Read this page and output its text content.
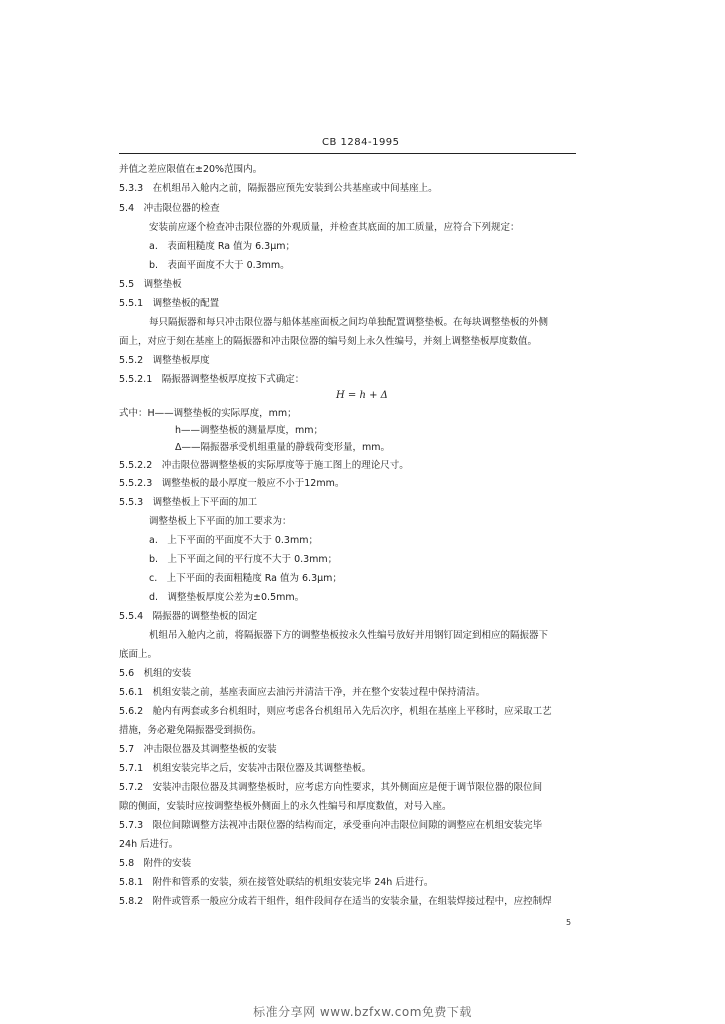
CB 1284-1995
并值之差应限值在±20%范围内。
5.3.3　在机组吊入舱内之前，隔振器应预先安装到公共基座或中间基座上。
5.4　冲击限位器的检查
安装前应逐个检查冲击限位器的外观质量，并检查其底面的加工质量，应符合下列规定：
a.　表面粗糙度 Ra 值为 6.3μm；
b.　表面平面度不大于 0.3mm。
5.5　调整垫板
5.5.1　调整垫板的配置
每只隔振器和每只冲击限位器与船体基座面板之间均单独配置调整垫板。在每块调整垫板的外侧
面上，对应于刻在基座上的隔振器和冲击限位器的编号刻上永久性编号，并刻上调整垫板厚度数值。
5.5.2　调整垫板厚度
5.5.2.1　隔振器调整垫板厚度按下式确定：
H = h + Δ
式中：H——调整垫板的实际厚度，mm；
h——调整垫板的测量厚度，mm；
Δ——隔振器承受机组重量的静载荷变形量，mm。
5.5.2.2　冲击限位器调整垫板的实际厚度等于施工图上的理论尺寸。
5.5.2.3　调整垫板的最小厚度一般应不小于12mm。
5.5.3　调整垫板上下平面的加工
调整垫板上下平面的加工要求为：
a.　上下平面的平面度不大于 0.3mm；
b.　上下平面之间的平行度不大于 0.3mm；
c.　上下平面的表面粗糙度 Ra 值为 6.3μm；
d.　调整垫板厚度公差为±0.5mm。
5.5.4　隔振器的调整垫板的固定
机组吊入舱内之前，将隔振器下方的调整垫板按永久性编号放好并用钢钉固定到相应的隔振器下
底面上。
5.6　机组的安装
5.6.1　机组安装之前，基座表面应去油污并清洁干净，并在整个安装过程中保持清洁。
5.6.2　舱内有两套或多台机组时，则应考虑各台机组吊入先后次序，机组在基座上平移时，应采取工艺
措施，务必避免隔振器受到损伤。
5.7　冲击限位器及其调整垫板的安装
5.7.1　机组安装完毕之后，安装冲击限位器及其调整垫板。
5.7.2　安装冲击限位器及其调整垫板时，应考虑方向性要求，其外侧面应是便于调节限位器的限位间
隙的侧面，安装时应按调整垫板外侧面上的永久性编号和厚度数值，对号入座。
5.7.3　限位间隙调整方法视冲击限位器的结构而定，承受垂向冲击限位间隙的调整应在机组安装完毕
24h 后进行。
5.8　附件的安装
5.8.1　附件和管系的安装，须在接管处联结的机组安装完毕 24h 后进行。
5.8.2　附件或管系一般应分成若干组件，组件段间存在适当的安装余量，在组装焊接过程中，应控制焊
5
标准分享网 www.bzfxw.com免费下载
